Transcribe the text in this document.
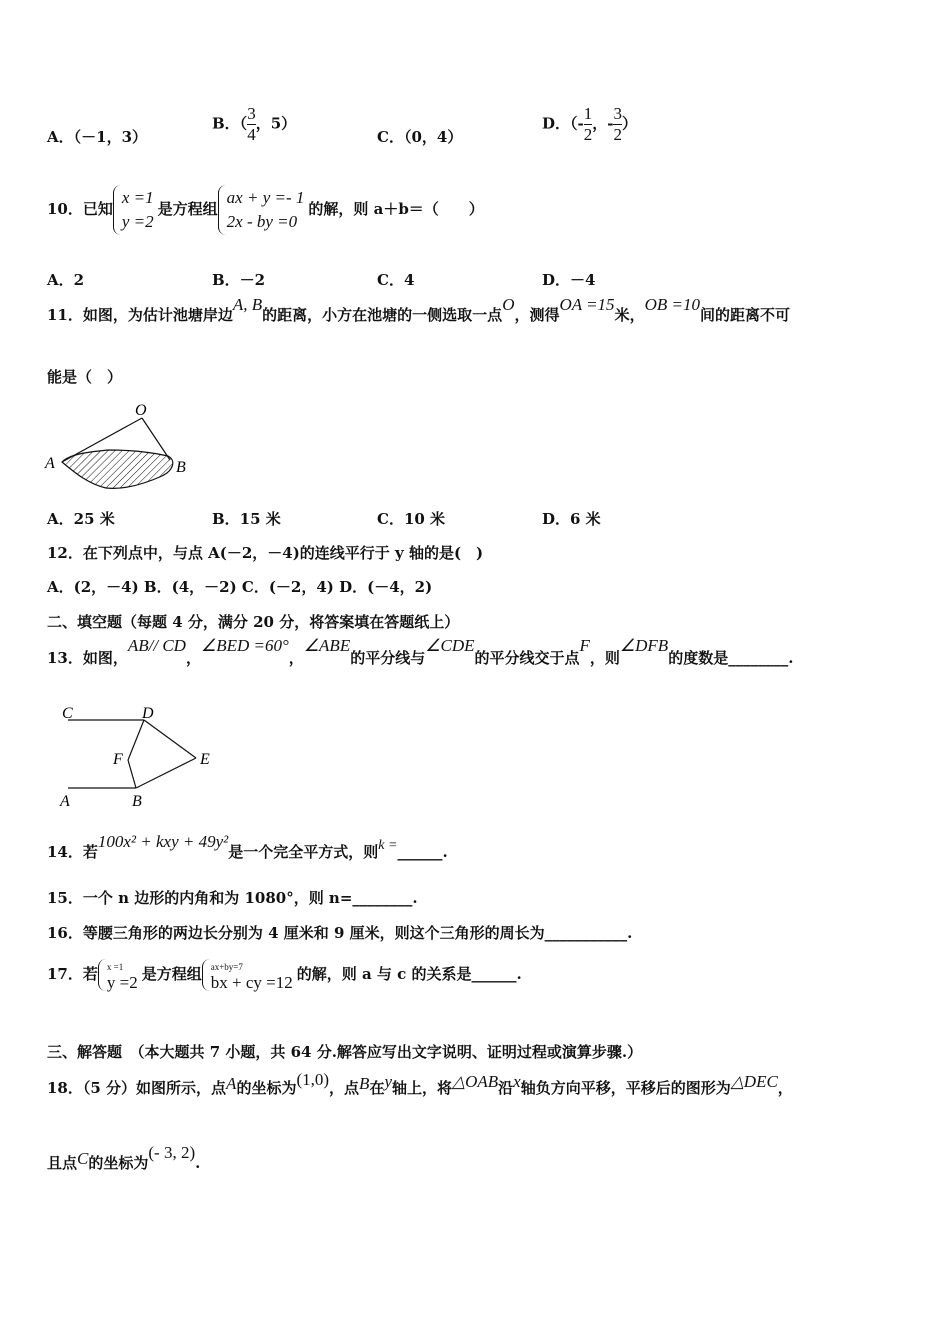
A．（－1，3）
B．（ $\frac{3}{4}$ ，5）
C．（0，4）
D．（- $\frac{1}{2}$ ，- $\frac{3}{2}$ ）
10．已知
x =1
y =2
是方程组
ax + y =- 1
2x - by =0
的解，则 a＋b＝（　　）
A．2	B．－2	C．4	D．－4
11．如图，为估计池塘岸边A, B的距离，小方在池塘的一侧选取一点O，测得OA =15米，OB =10间的距离不可
能是（　）
O
A	B
A．25 米	B．15 米	C．10 米	D．6 米
12．在下列点中，与点 A(－2，－4)的连线平行于 y 轴的是(　)
A．(2，－4) B．(4，－2) C．(－2，4) D．(－4，2)
二、填空题（每题 4 分，满分 20 分，将答案填在答题纸上）
13．如图，AB// CD，∠BED =60°，∠ABE的平分线与∠CDE的平分线交于点F，则∠DFB的度数是________.
C	D
F	E
A	B
14．若100x² + kxy + 49y²是一个完全平方式，则k =______.
15．一个 n 边形的内角和为 1080°，则 n=________.
16．等腰三角形的两边长分别为 4 厘米和 9 厘米，则这个三角形的周长为___________.
17．若 x =1
y =2 是方程组 ax+by=7
bx + cy =12 的解，则 a 与 c 的关系是______.
三、解答题　（本大题共 7 小题，共 64 分.解答应写出文字说明、证明过程或演算步骤.）
18．（5 分）如图所示，点A的坐标为(1,0)，点B在y轴上，将△OAB沿x轴负方向平移，平移后的图形为△DEC，
且点C的坐标为(- 3, 2).
